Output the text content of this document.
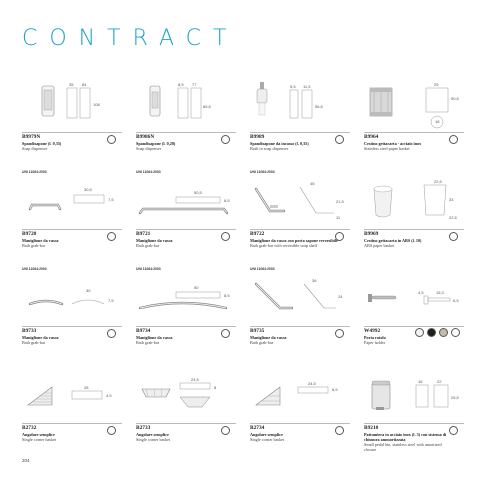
CONTRACT
35 84
108
B9979N
Spandisapone (l. 0,35)
Soap dispenser
8,5 77
65,5
B9986N
Spandisapone (l. 0,28)
Soap dispenser
5,5 11,5
56,5
B9989
Spandisapone da incasso (l. 0,35)
Built in soap dispenser
25
50,5
18
B9964
Cestino gettacarta - acciaio inox
Stainless steel paper basket
UNI 11064:2003
30,5
7,5
B9720
Maniglione da vasca
Bath grab-bar
UNI 11064:2003
50,5
8,5
B9721
Maniglione da vasca
Bath grab-bar
UNI 11064:2003
46
21,5
11
B9722
Maniglione da vasca con porta sapone reversibile
Bath grab-bar with reversible soap shelf
22,5
33
22,5
B9969
Cestino gettacarta in ABS (l. 10)
ABS paper basket
UNI 11064:2003
30
7,5
B9733
Maniglione da vasca
Bath grab-bar
UNI 11064:2003
50
8,5
B9734
Maniglione da vasca
Bath grab-bar
UNI 11064:2003
36
24
B9735
Maniglione da vasca
Bath grab-bar
4,5	15,3
6,5
W4992
Porta rotolo
Paper holder
28
4,5
B2732
Angolare semplice
Single corner basket
24,5
8
B2733
Angolare semplice
Single corner basket
24,5
6,5
B2734
Angolare semplice
Single corner basket
16	22
25,5
B9210
Pattumiera in acciaio inox (l. 3) con sistema di chiusura ammortizzata
Small pedal bin, stainless steel with amortized closure
204
